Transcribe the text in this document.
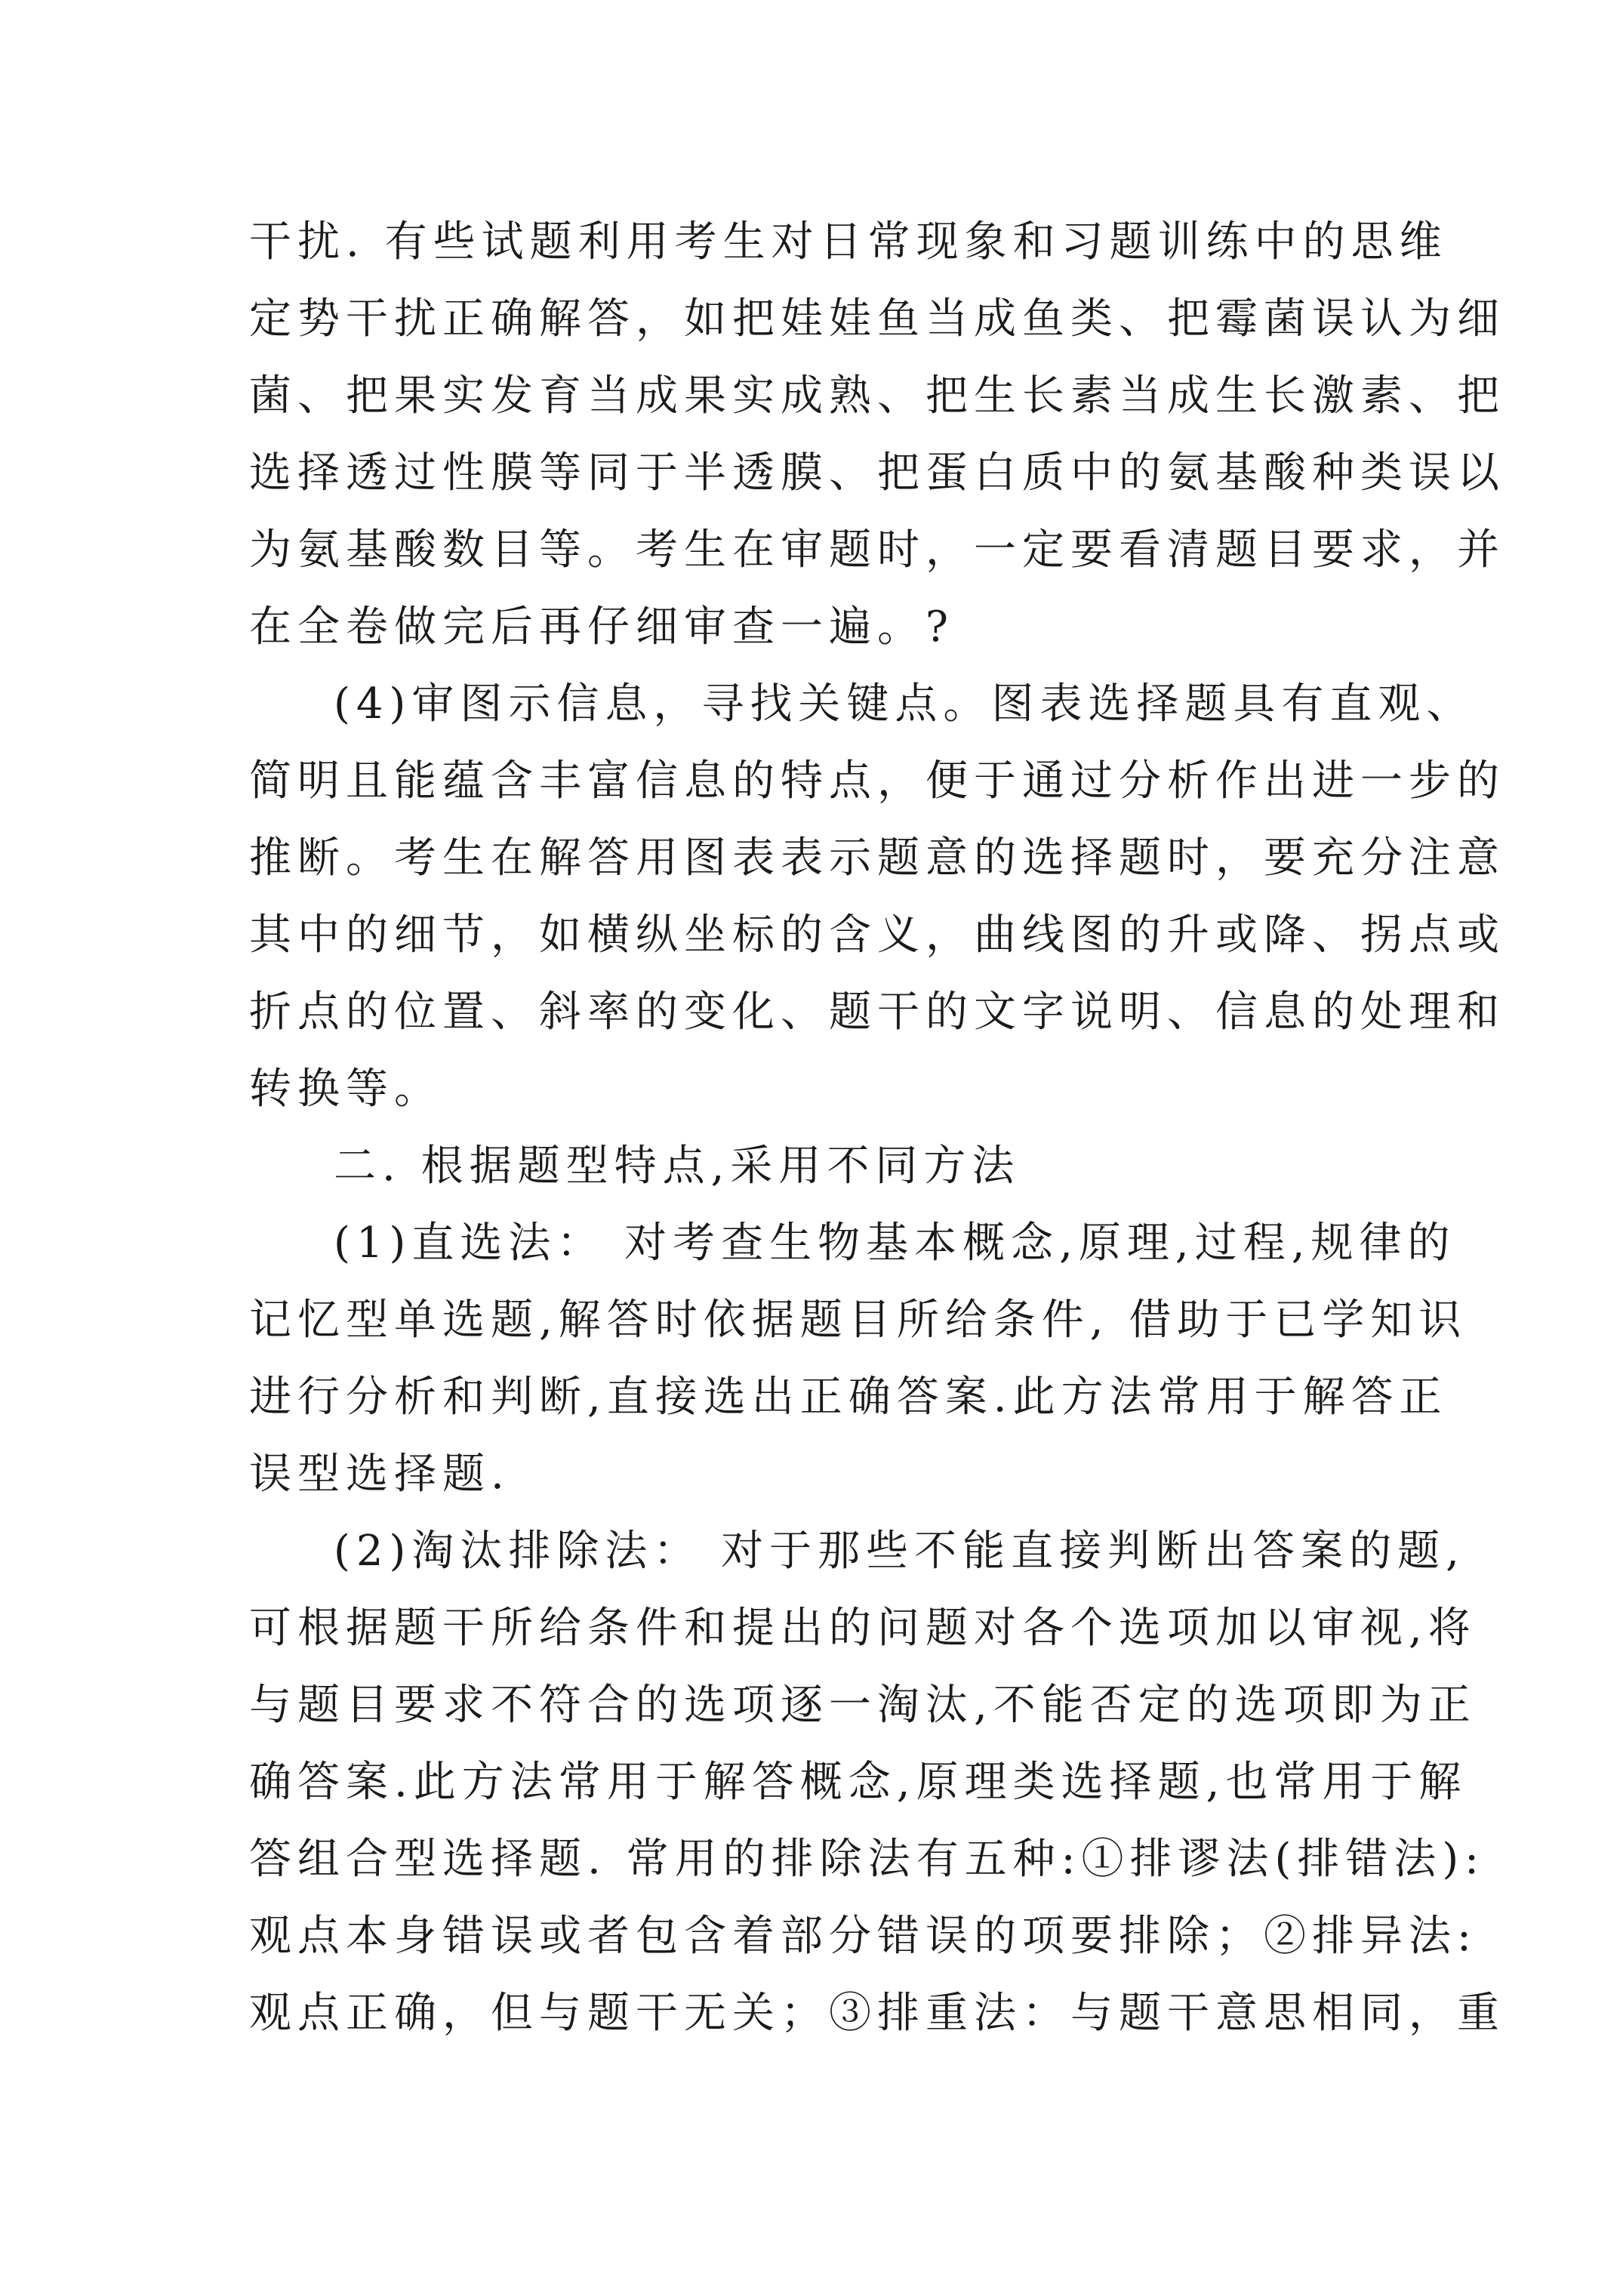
干扰. 有些试题利用考生对日常现象和习题训练中的思维
定势干扰正确解答，如把娃娃鱼当成鱼类、把霉菌误认为细
菌、把果实发育当成果实成熟、把生长素当成生长激素、把
选择透过性膜等同于半透膜、把蛋白质中的氨基酸种类误以
为氨基酸数目等。考生在审题时，一定要看清题目要求，并
在全卷做完后再仔细审查一遍。?
(4)审图示信息，寻找关键点。图表选择题具有直观、
简明且能蕴含丰富信息的特点，便于通过分析作出进一步的
推断。考生在解答用图表表示题意的选择题时，要充分注意
其中的细节，如横纵坐标的含义，曲线图的升或降、拐点或
折点的位置、斜率的变化、题干的文字说明、信息的处理和
转换等。
二. 根据题型特点,采用不同方法
(1)直选法： 对考查生物基本概念,原理,过程,规律的
记忆型单选题,解答时依据题目所给条件, 借助于已学知识
进行分析和判断,直接选出正确答案.此方法常用于解答正
误型选择题.
(2)淘汰排除法： 对于那些不能直接判断出答案的题,
可根据题干所给条件和提出的问题对各个选项加以审视,将
与题目要求不符合的选项逐一淘汰,不能否定的选项即为正
确答案.此方法常用于解答概念,原理类选择题,也常用于解
答组合型选择题. 常用的排除法有五种:①排谬法(排错法):
观点本身错误或者包含着部分错误的项要排除；②排异法:
观点正确，但与题干无关；③排重法：与题干意思相同，重
